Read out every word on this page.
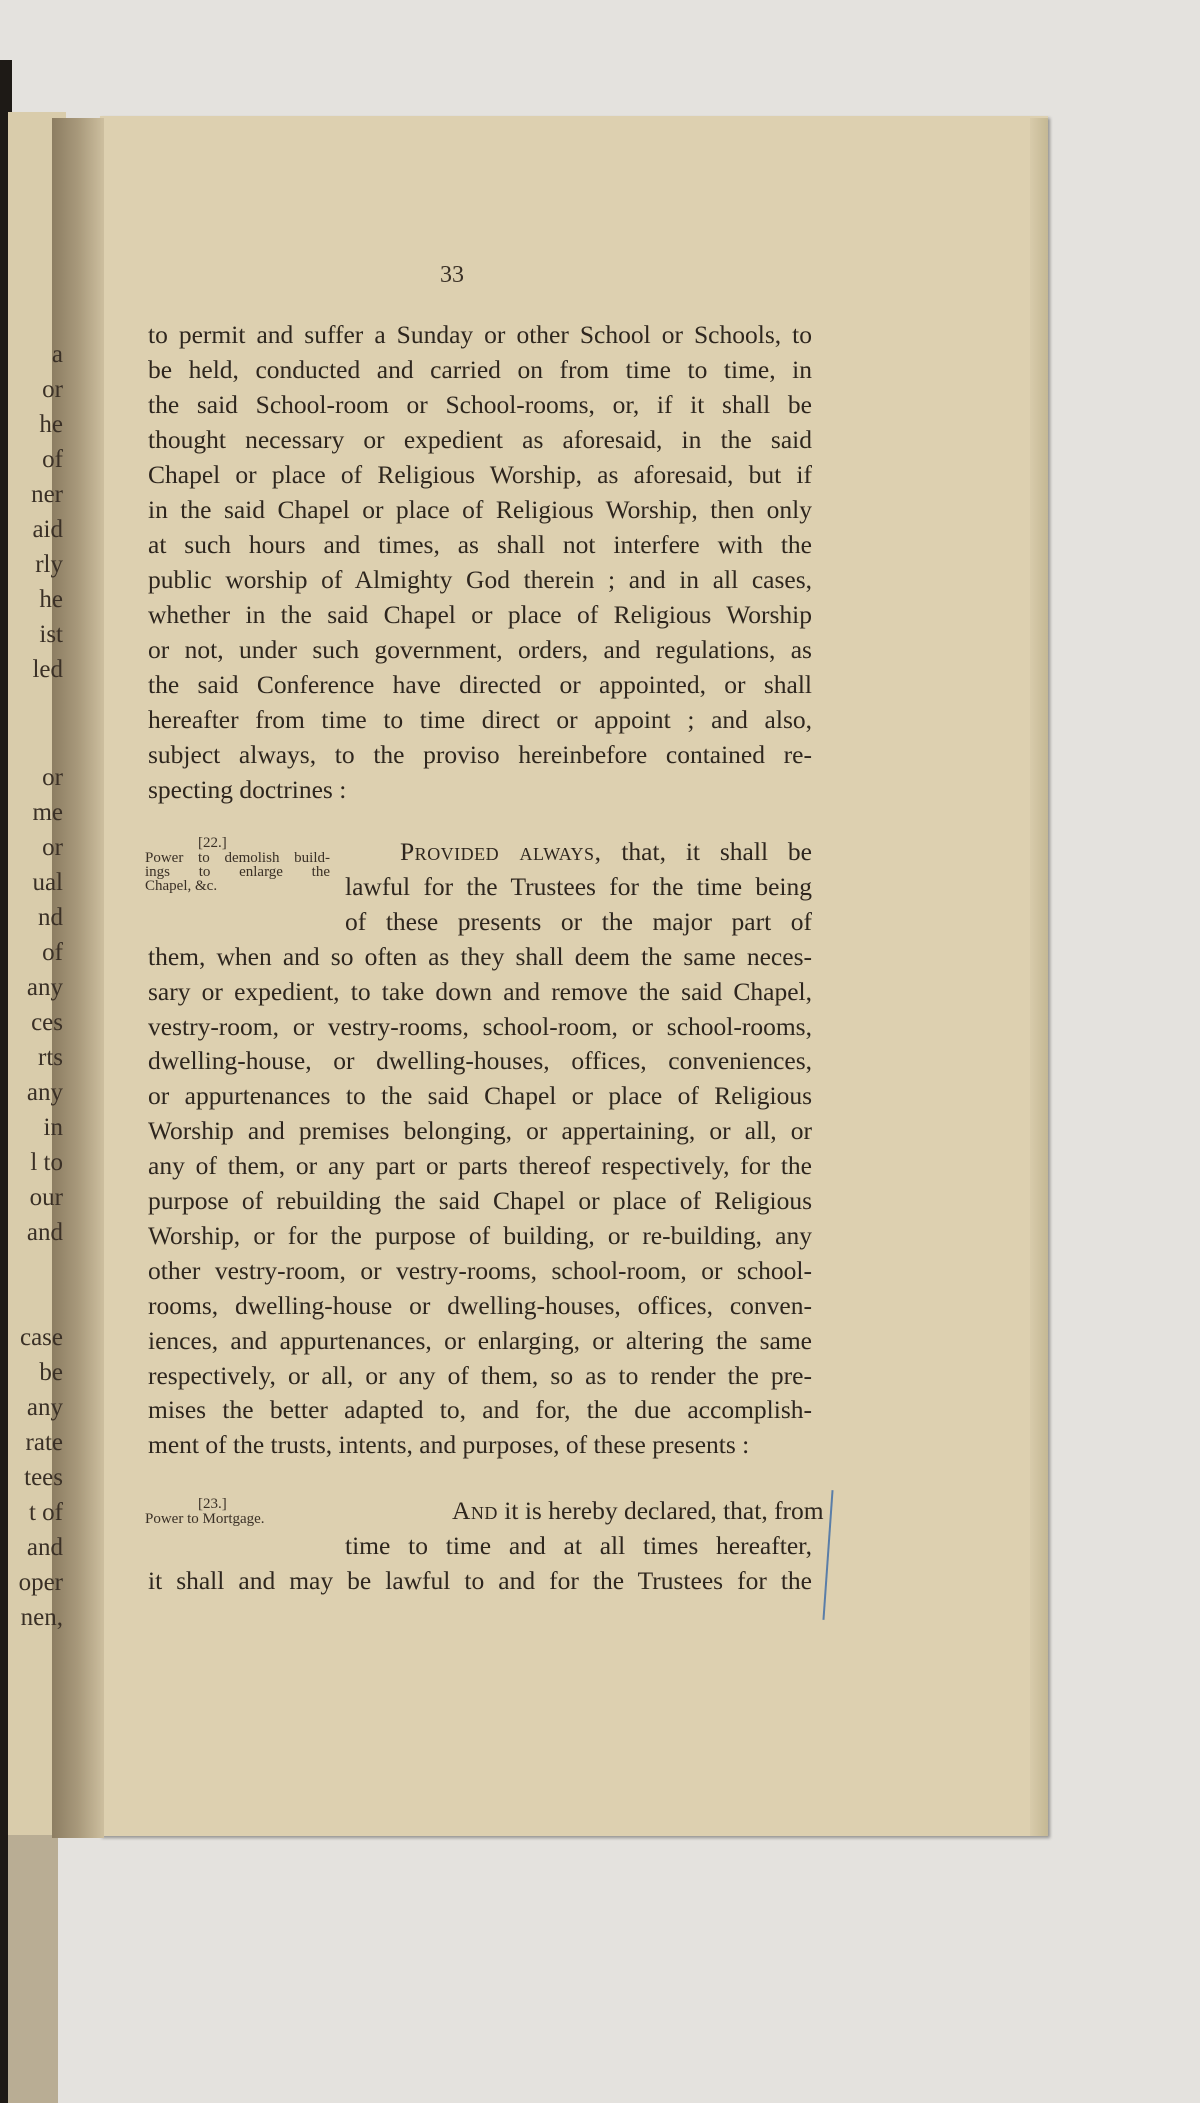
a
or
he
of
ner
aid
rly
he
ist
led
or
me
or
ual
nd
of
any
ces
rts
any
in
l to
our
and
case
be
any
rate
tees
t of
and
oper
nen,
33
to permit and suffer a Sunday or other School or Schools, to
be held, conducted and carried on from time to time, in
the said School-room or School-rooms, or, if it shall be
thought necessary or expedient as aforesaid, in the said
Chapel or place of Religious Worship, as aforesaid, but if
in the said Chapel or place of Religious Worship, then only
at such hours and times, as shall not interfere with the
public worship of Almighty God therein ; and in all cases,
whether in the said Chapel or place of Religious Worship
or not, under such government, orders, and regulations, as
the said Conference have directed or appointed, or shall
hereafter from time to time direct or appoint ; and also,
subject always, to the proviso hereinbefore contained re-
specting doctrines :
Provided always, that, it shall be
lawful for the Trustees for the time being
of these presents or the major part of
them, when and so often as they shall deem the same neces-
sary or expedient, to take down and remove the said Chapel,
vestry-room, or vestry-rooms, school-room, or school-rooms,
dwelling-house, or dwelling-houses, offices, conveniences,
or appurtenances to the said Chapel or place of Religious
Worship and premises belonging, or appertaining, or all, or
any of them, or any part or parts thereof respectively, for the
purpose of rebuilding the said Chapel or place of Religious
Worship, or for the purpose of building, or re-building, any
other vestry-room, or vestry-rooms, school-room, or school-
rooms, dwelling-house or dwelling-houses, offices, conven-
iences, and appurtenances, or enlarging, or altering the same
respectively, or all, or any of them, so as to render the pre-
mises the better adapted to, and for, the due accomplish-
ment of the trusts, intents, and purposes, of these presents :
And it is hereby declared, that, from
time to time and at all times hereafter,
it shall and may be lawful to and for the Trustees for the
[22.]
Power to demolish build-
ings to enlarge the
Chapel, &c.
[23.]
Power to Mortgage.
